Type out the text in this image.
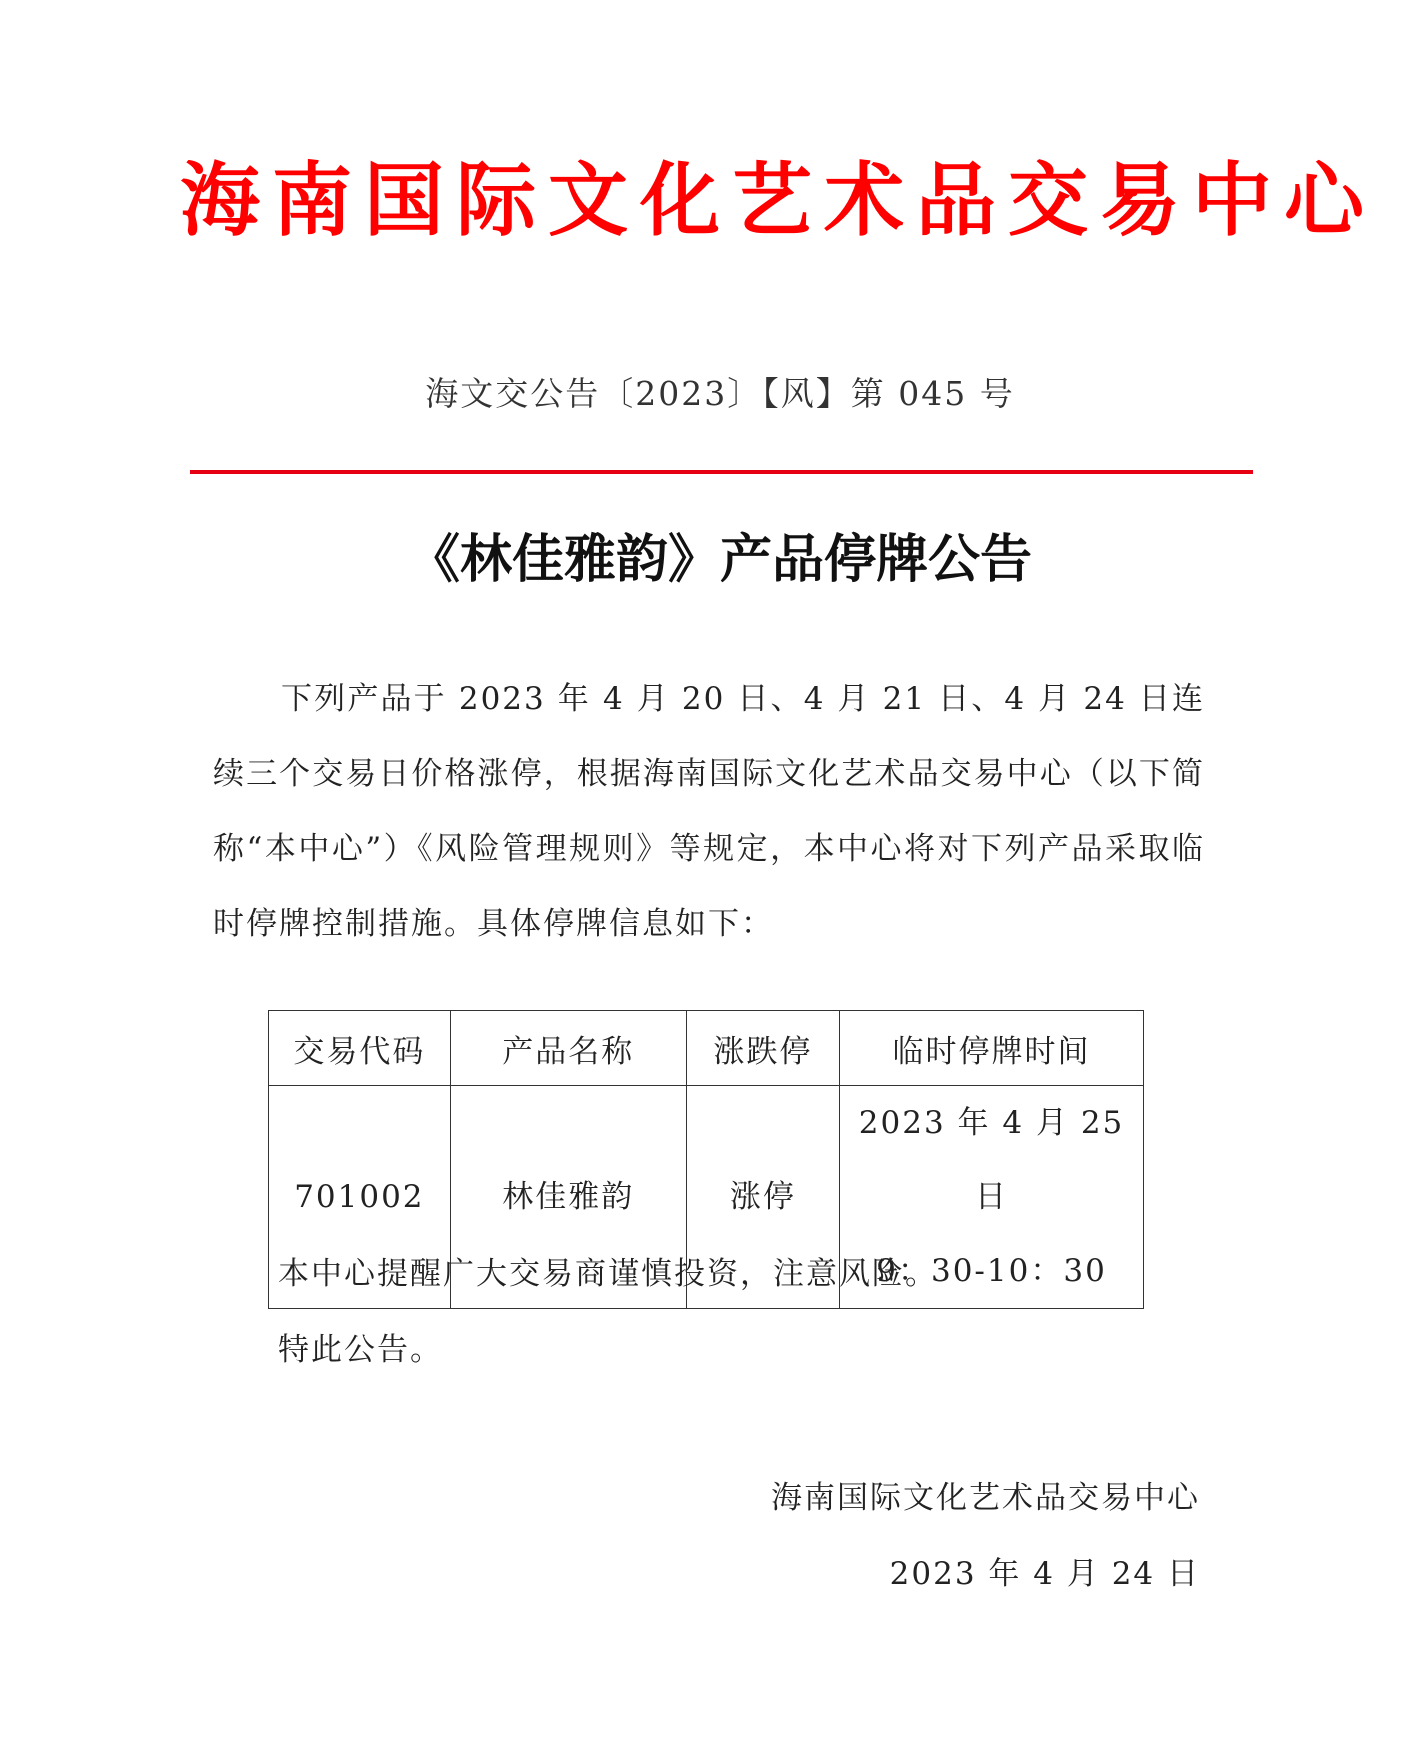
海南国际文化艺术品交易中心
海文交公告〔2023〕【风】第 045 号
《林佳雅韵》产品停牌公告

下列产品于 2023 年 4 月 20 日、4 月 21 日、4 月 24 日连续三个交易日价格涨停，根据海南国际文化艺术品交易中心（以下简称“本中心”）《风险管理规则》等规定，本中心将对下列产品采取临时停牌控制措施。具体停牌信息如下：

交易代码	产品名称	涨跌停	临时停牌时间
701002	林佳雅韵	涨停	2023 年 4 月 25 日
9：30-10：30

本中心提醒广大交易商谨慎投资，注意风险。

特此公告。

海南国际文化艺术品交易中心

2023 年 4 月 24 日
